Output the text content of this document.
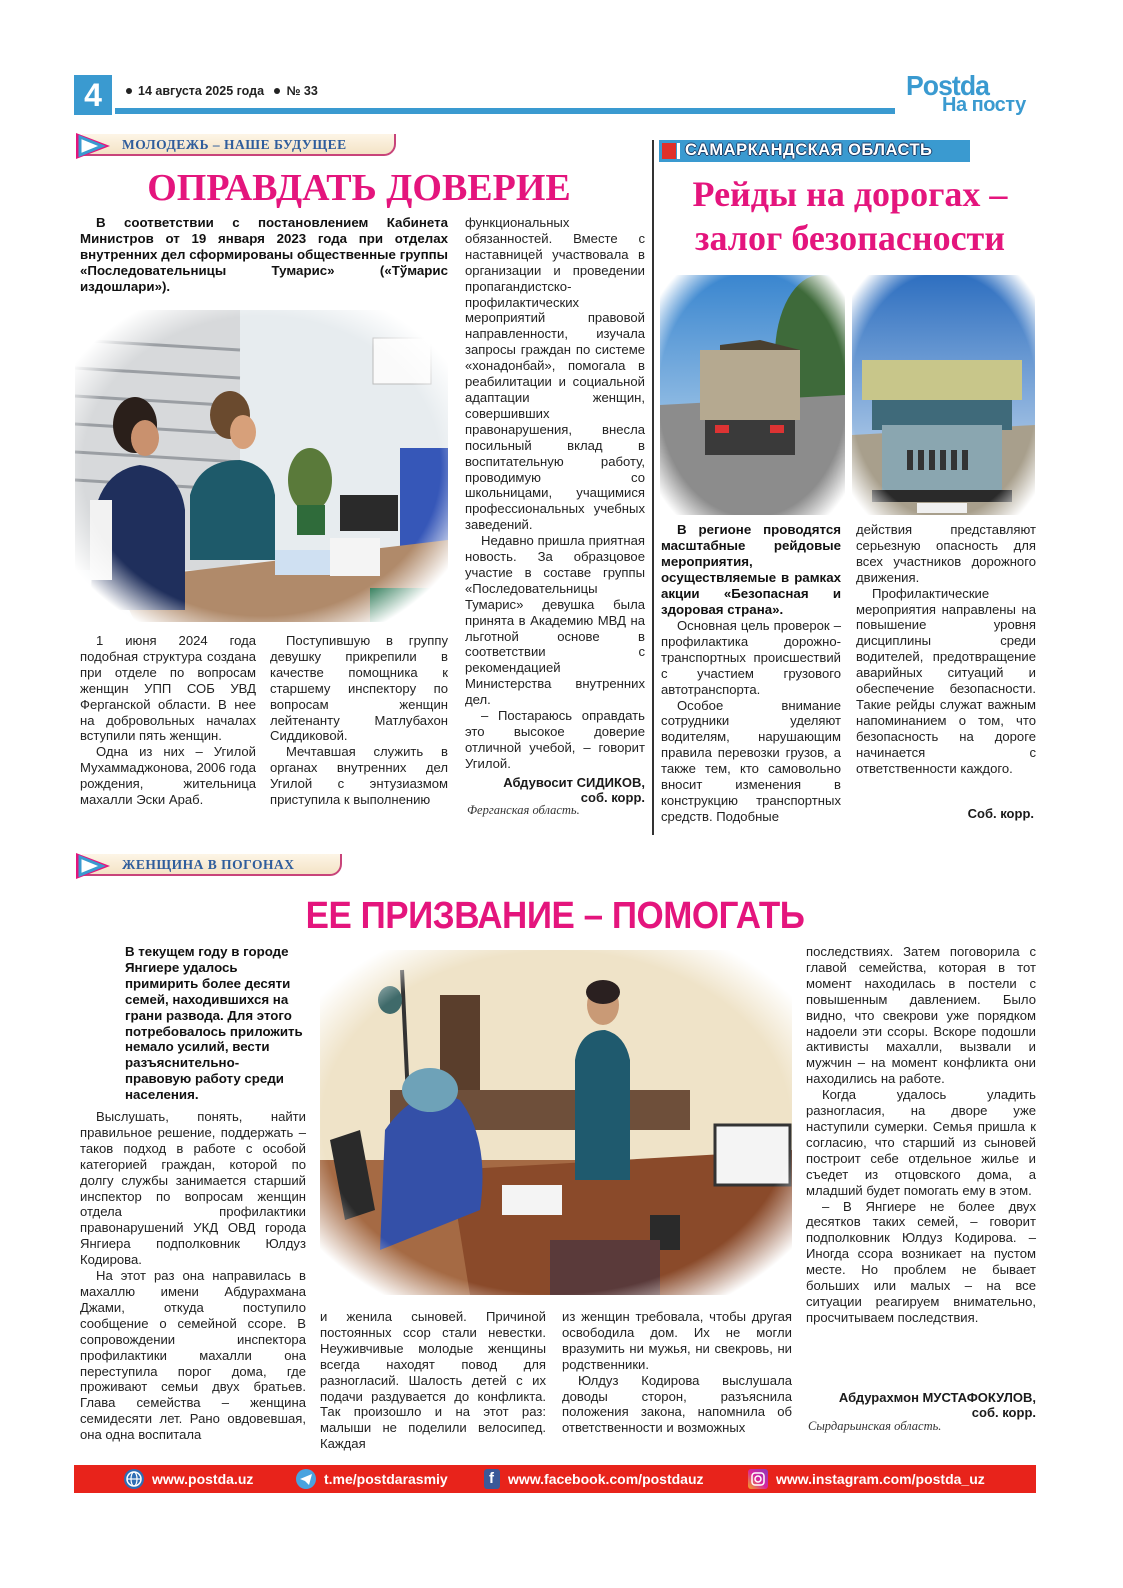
4	14 августа 2025 года № 33	Postda
На посту
МОЛОДЕЖЬ – НАШЕ БУДУЩЕЕ
ОПРАВДАТЬ ДОВЕРИЕ

В соответствии с постановлением Кабинета Министров от 19 января 2023 года при отделах внутренних дел сформированы общественные группы «Последовательницы Тумарис» («Тўмарис издошлари»).

1 июня 2024 года подобная структура создана при отделе по вопросам женщин УПП СОБ УВД Ферганской области. В нее на добровольных началах вступили пять женщин.

Одна из них – Угилой Мухаммаджонова, 2006 года рождения, жительница махалли Эски Араб.

Поступившую в группу девушку прикрепили в качестве помощника к старшему инспектору по вопросам женщин лейтенанту Матлубахон Сиддиковой.

Мечтавшая служить в органах внутренних дел Угилой с энтузиазмом приступила к выполнению

функциональных обязанностей. Вместе с наставницей участвовала в организации и проведении пропагандистско-профилактических мероприятий правовой направленности, изучала запросы граждан по системе «хонадонбай», помогала в реабилитации и социальной адаптации женщин, совершивших правонарушения, внесла посильный вклад в воспитательную работу, проводимую со школьницами, учащимися профессиональных учебных заведений.

Недавно пришла приятная новость. За образцовое участие в составе группы «Последовательницы Тумарис» девушка была принята в Академию МВД на льготной основе в соответствии с рекомендацией Министерства внутренних дел.

– Постараюсь оправдать это высокое доверие отличной учебой, – говорит Угилой.

Абдувосит СИДИКОВ,
соб. корр.
Ферганская область.
САМАРКАНДСКАЯ ОБЛАСТЬ
Рейды на дорогах –
залог безопасности

В регионе проводятся масштабные рейдовые мероприятия, осуществляемые в рамках акции «Безопасная и здоровая страна».

Основная цель проверок – профилактика дорожно-транспортных происшествий с участием грузового автотранспорта.

Особое внимание сотрудники уделяют водителям, нарушающим правила перевозки грузов, а также тем, кто самовольно вносит изменения в конструкцию транспортных средств. Подобные

действия представляют серьезную опасность для всех участников дорожного движения.

Профилактические мероприятия направлены на повышение уровня дисциплины среди водителей, предотвращение аварийных ситуаций и обеспечение безопасности. Такие рейды служат важным напоминанием о том, что безопасность на дороге начинается с ответственности каждого.

Соб. корр.
ЖЕНЩИНА В ПОГОНАХ
ЕЕ ПРИЗВАНИЕ – ПОМОГАТЬ

В текущем году в городе Янгиере удалось примирить более десяти семей, находившихся на грани развода. Для этого потребовалось приложить немало усилий, вести разъяснительно-правовую работу среди населения.

Выслушать, понять, найти правильное решение, поддержать – таков подход в работе с особой категорией граждан, которой по долгу службы занимается старший инспектор по вопросам женщин отдела профилактики правонарушений УКД ОВД города Янгиера подполковник Юлдуз Кодирова.

На этот раз она направилась в махаллю имени Абдурахмана Джами, откуда поступило сообщение о семейной ссоре. В сопровождении инспектора профилактики махалли она переступила порог дома, где проживают семьи двух братьев. Глава семейства – женщина семидесяти лет. Рано овдовевшая, она одна воспитала

и женила сыновей. Причиной постоянных ссор стали невестки. Неуживчивые молодые женщины всегда находят повод для разногласий. Шалость детей с их подачи раздувается до конфликта. Так произошло и на этот раз: малыши не поделили велосипед. Каждая

из женщин требовала, чтобы другая освободила дом. Их не могли вразумить ни мужья, ни свекровь, ни родственники.

Юлдуз Кодирова выслушала доводы сторон, разъяснила положения закона, напомнила об ответственности и возможных

последствиях. Затем поговорила с главой семейства, которая в тот момент находилась в постели с повышенным давлением. Было видно, что свекрови уже порядком надоели эти ссоры. Вскоре подошли активисты махалли, вызвали и мужчин – на момент конфликта они находились на работе.

Когда удалось уладить разногласия, на дворе уже наступили сумерки. Семья пришла к согласию, что старший из сыновей построит себе отдельное жилье и съедет из отцовского дома, а младший будет помогать ему в этом.

– В Янгиере не более двух десятков таких семей, – говорит подполковник Юлдуз Кодирова. – Иногда ссора возникает на пустом месте. Но проблем не бывает больших или малых – на все ситуации реагируем внимательно, просчитываем последствия.

Абдурахмон МУСТАФОКУЛОВ,
соб. корр.
Сырдарьинская область.
www.postda.uz	t.me/postdarasmiy	f www.facebook.com/postdauz	www.instagram.com/postda_uz
